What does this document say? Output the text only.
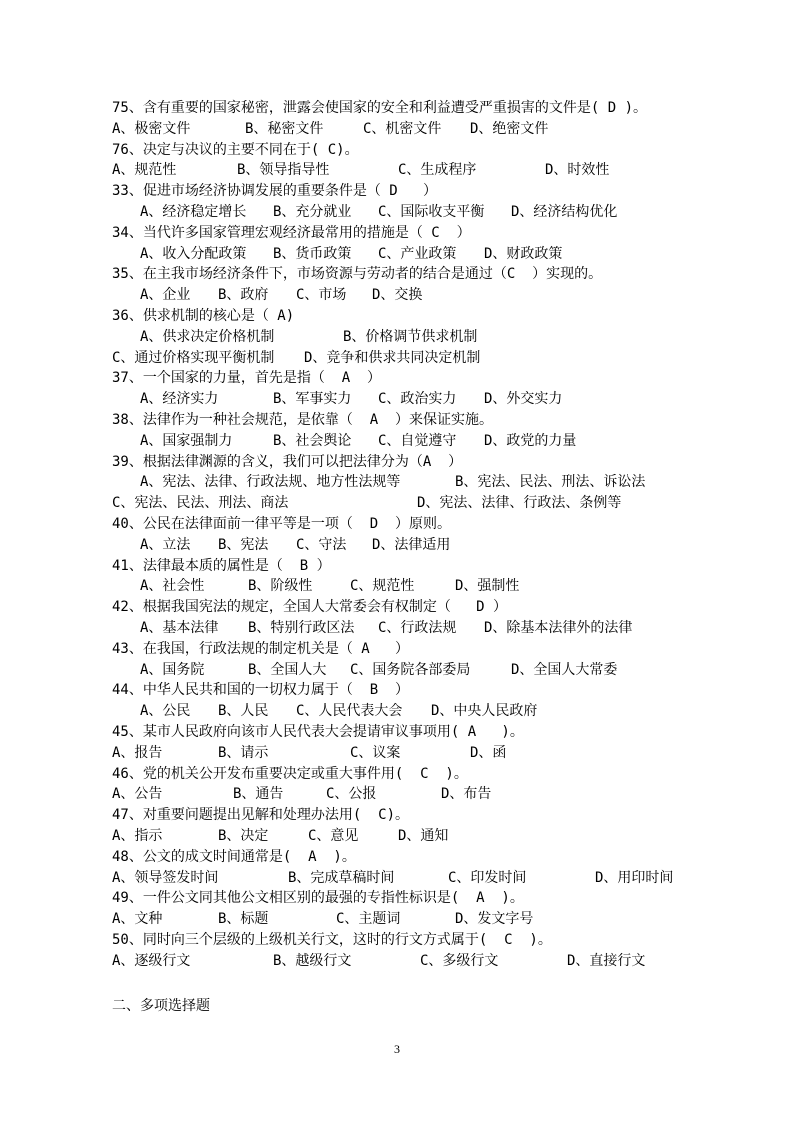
75、含有重要的国家秘密，泄露会使国家的安全和利益遭受严重损害的文件是( D )。
A、极密文件	B、秘密文件	C、机密文件 D、绝密文件
76、决定与决议的主要不同在于( C)。
A、规范性	B、领导指导性	C、生成程序	D、时效性
33、促进市场经济协调发展的重要条件是（ D   ）
A、经济稳定增长 B、充分就业 C、国际收支平衡 D、经济结构优化
34、当代许多国家管理宏观经济最常用的措施是（ C  ）
A、收入分配政策 B、货币政策 C、产业政策 D、财政政策
35、在主我市场经济条件下，市场资源与劳动者的结合是通过（C  ）实现的。
A、企业 B、政府 C、市场 D、交换
36、供求机制的核心是（ A)
A、供求决定价格机制	B、价格调节供求机制
C、通过价格实现平衡机制 D、竞争和供求共同决定机制
37、一个国家的力量，首先是指（  A  ）
A、经济实力	B、军事实力 C、政治实力 D、外交实力
38、法律作为一种社会规范，是依靠（  A  ）来保证实施。
A、国家强制力	B、社会舆论 C、自觉遵守 D、政党的力量
39、根据法律渊源的含义，我们可以把法律分为（A  ）
A、宪法、法律、行政法规、地方性法规等	B、宪法、民法、刑法、诉讼法
C、宪法、民法、刑法、商法	D、宪法、法律、行政法、条例等
40、公民在法律面前一律平等是一项（  D  ）原则。
A、立法 B、宪法 C、守法 D、法律适用
41、法律最本质的属性是（  B ）
A、社会性	B、阶级性	C、规范性	D、强制性
42、根据我国宪法的规定，全国人大常委会有权制定（   D ）
A、基本法律 B、特别行政区法 C、行政法规 D、除基本法律外的法律
43、在我国，行政法规的制定机关是（ A   ）
A、国务院	B、全国人大 C、国务院各部委局	D、全国人大常委
44、中华人民共和国的一切权力属于（  B  ）
A、公民 B、人民 C、人民代表大会 D、中央人民政府
45、某市人民政府向该市人民代表大会提请审议事项用( A   )。
A、报告	B、请示	C、议案	D、函
46、党的机关公开发布重要决定或重大事件用(  C  )。
A、公告	B、通告	C、公报	D、布告
47、对重要问题提出见解和处理办法用(  C)。
A、指示	B、决定	C、意见	D、通知
48、公文的成文时间通常是(  A  )。
A、领导签发时间	B、完成草稿时间	C、印发时间	D、用印时间
49、一件公文同其他公文相区别的最强的专指性标识是(  A  )。
A、文种	B、标题	C、主题词	D、发文字号
50、同时向三个层级的上级机关行文，这时的行文方式属于(  C  )。
A、逐级行文	B、越级行文	C、多级行文	D、直接行文
二、多项选择题
3
